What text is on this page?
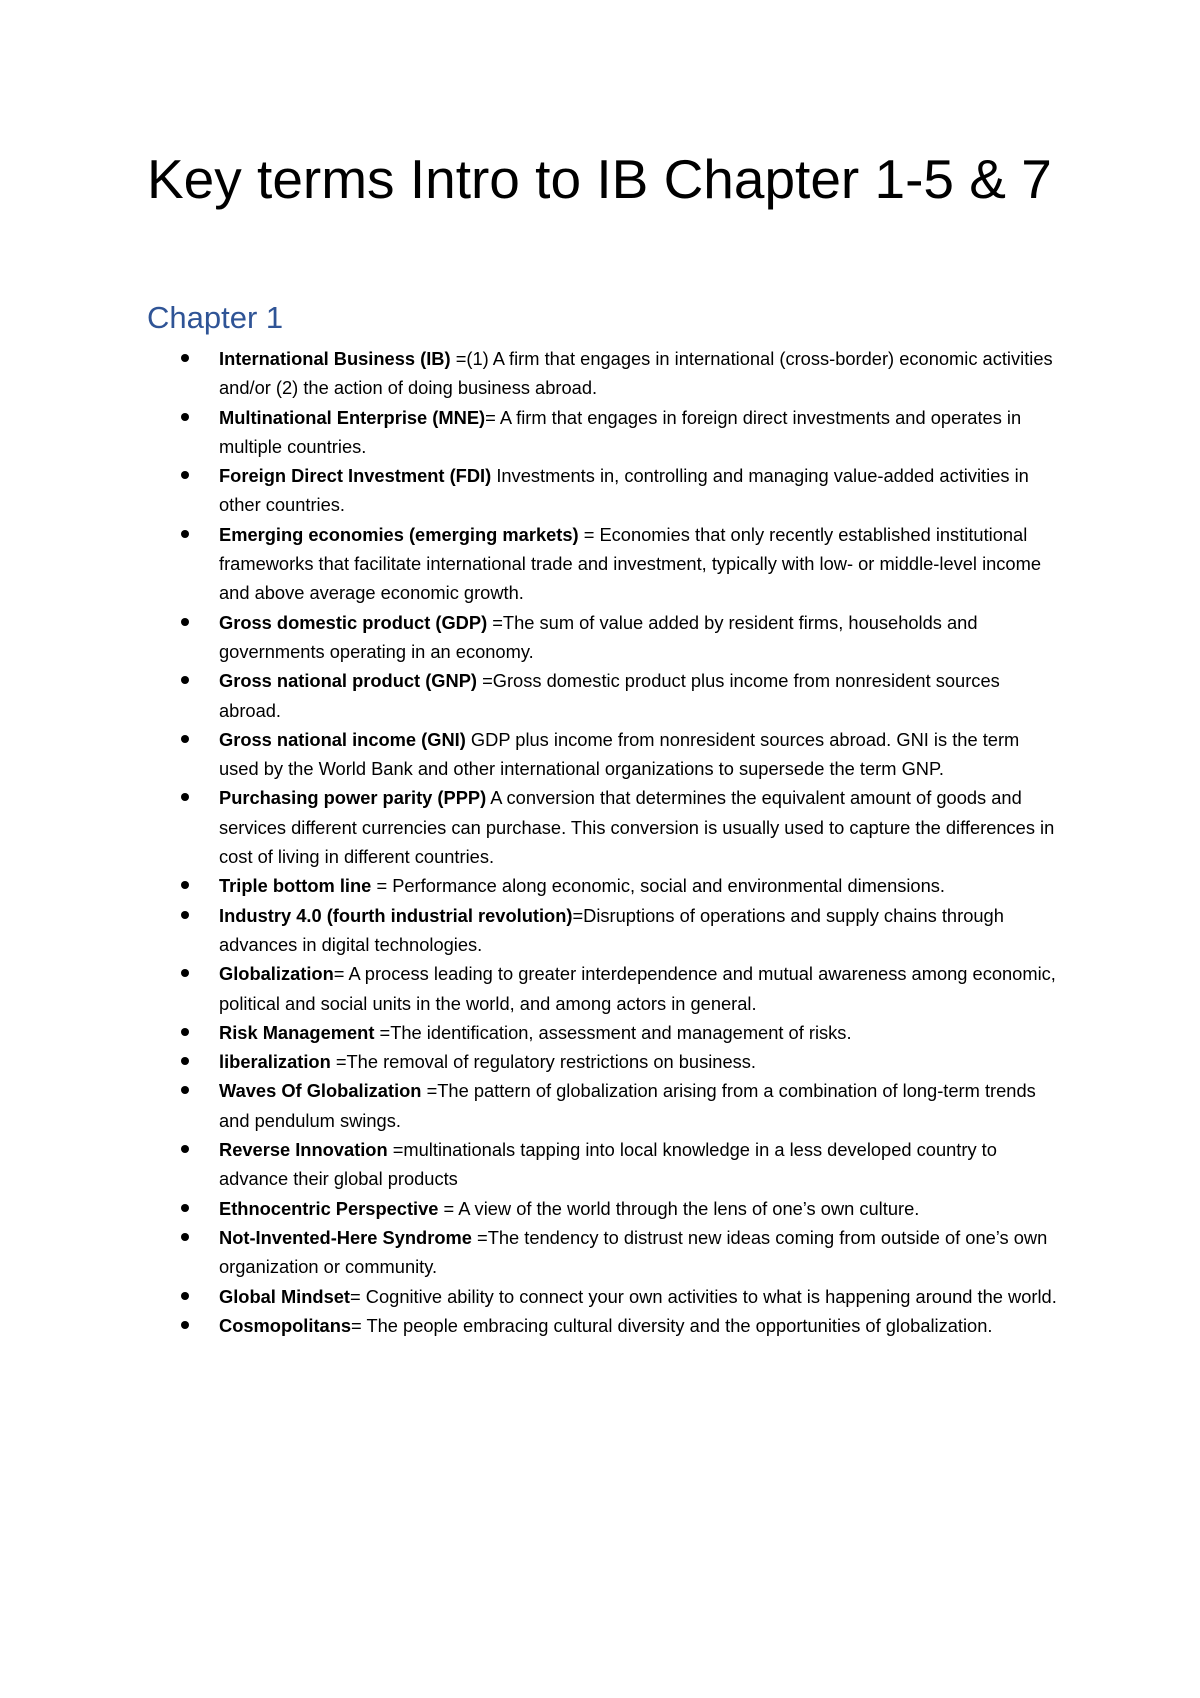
Key terms Intro to IB Chapter 1-5 & 7
Chapter 1
International Business (IB) =(1) A firm that engages in international (cross-border) economic activities and/or (2) the action of doing business abroad.
Multinational Enterprise (MNE)= A firm that engages in foreign direct investments and operates in multiple countries.
Foreign Direct Investment (FDI) Investments in, controlling and managing value-added activities in other countries.
Emerging economies (emerging markets) = Economies that only recently established institutional frameworks that facilitate international trade and investment, typically with low- or middle-level income and above average economic growth.
Gross domestic product (GDP) =The sum of value added by resident firms, households and governments operating in an economy.
Gross national product (GNP) =Gross domestic product plus income from nonresident sources abroad.
Gross national income (GNI) GDP plus income from nonresident sources abroad. GNI is the term used by the World Bank and other international organizations to supersede the term GNP.
Purchasing power parity (PPP) A conversion that determines the equivalent amount of goods and services different currencies can purchase. This conversion is usually used to capture the differences in cost of living in different countries.
Triple bottom line = Performance along economic, social and environmental dimensions.
Industry 4.0 (fourth industrial revolution)=Disruptions of operations and supply chains through advances in digital technologies.
Globalization= A process leading to greater interdependence and mutual awareness among economic, political and social units in the world, and among actors in general.
Risk Management =The identification, assessment and management of risks.
liberalization =The removal of regulatory restrictions on business.
Waves Of Globalization =The pattern of globalization arising from a combination of long-term trends and pendulum swings.
Reverse Innovation =multinationals tapping into local knowledge in a less developed country to advance their global products
Ethnocentric Perspective = A view of the world through the lens of one’s own culture.
Not-Invented-Here Syndrome =The tendency to distrust new ideas coming from outside of one’s own organization or community.
Global Mindset= Cognitive ability to connect your own activities to what is happening around the world.
Cosmopolitans= The people embracing cultural diversity and the opportunities of globalization.
